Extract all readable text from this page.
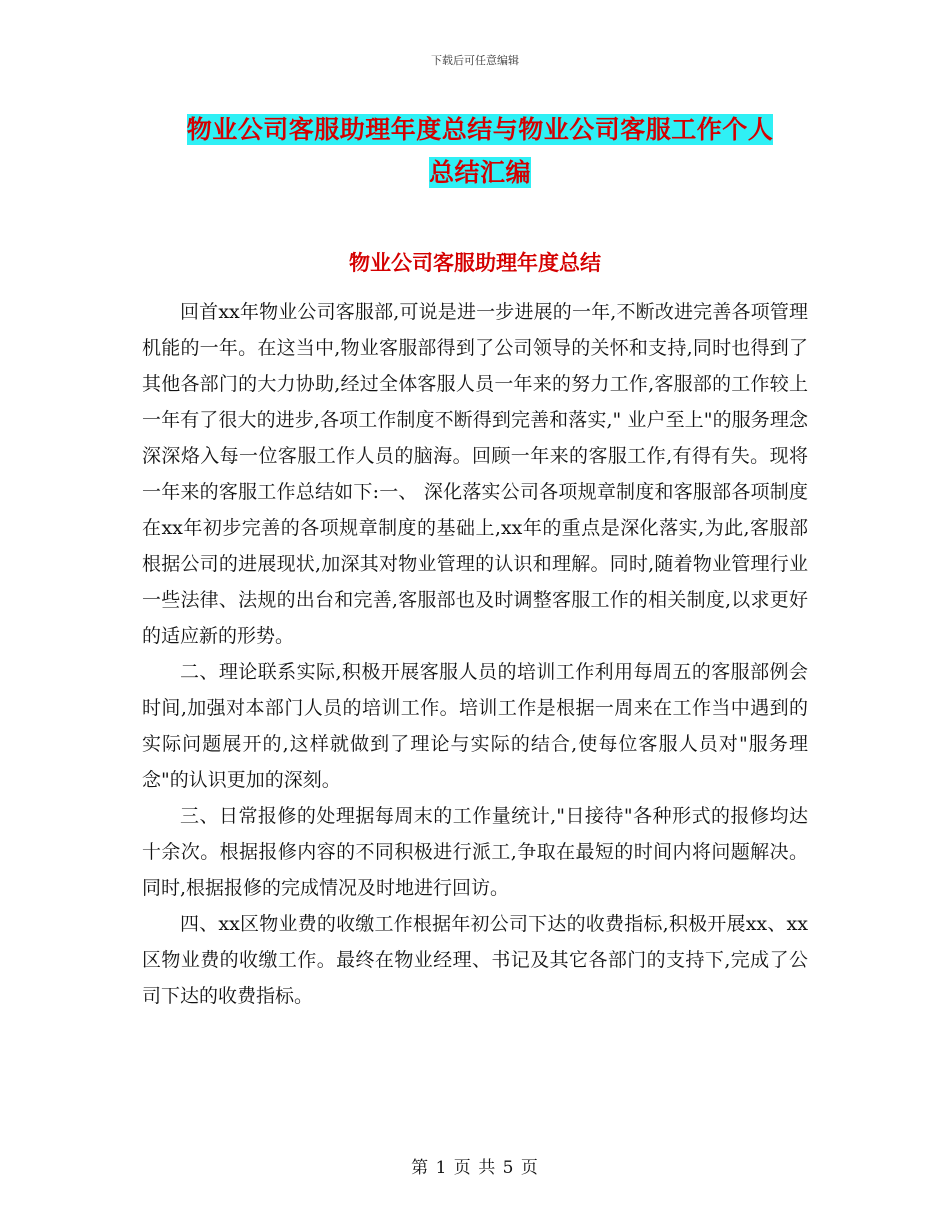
下载后可任意编辑
物业公司客服助理年度总结与物业公司客服工作个人
总结汇编
物业公司客服助理年度总结

回首xx年物业公司客服部,可说是进一步进展的一年,不断改进完善各项管理机能的一年。在这当中,物业客服部得到了公司领导的关怀和支持,同时也得到了其他各部门的大力协助,经过全体客服人员一年来的努力工作,客服部的工作较上一年有了很大的进步,各项工作制度不断得到完善和落实," 业户至上"的服务理念深深烙入每一位客服工作人员的脑海。回顾一年来的客服工作,有得有失。现将一年来的客服工作总结如下:一、 深化落实公司各项规章制度和客服部各项制度在xx年初步完善的各项规章制度的基础上,xx年的重点是深化落实,为此,客服部根据公司的进展现状,加深其对物业管理的认识和理解。同时,随着物业管理行业一些法律、法规的出台和完善,客服部也及时调整客服工作的相关制度,以求更好的适应新的形势。

二、理论联系实际,积极开展客服人员的培训工作利用每周五的客服部例会时间,加强对本部门人员的培训工作。培训工作是根据一周来在工作当中遇到的实际问题展开的,这样就做到了理论与实际的结合,使每位客服人员对"服务理念"的认识更加的深刻。

三、日常报修的处理据每周末的工作量统计,"日接待"各种形式的报修均达十余次。根据报修内容的不同积极进行派工,争取在最短的时间内将问题解决。同时,根据报修的完成情况及时地进行回访。

四、xx区物业费的收缴工作根据年初公司下达的收费指标,积极开展xx、xx区物业费的收缴工作。最终在物业经理、书记及其它各部门的支持下,完成了公司下达的收费指标。

第 1 页 共 5 页
